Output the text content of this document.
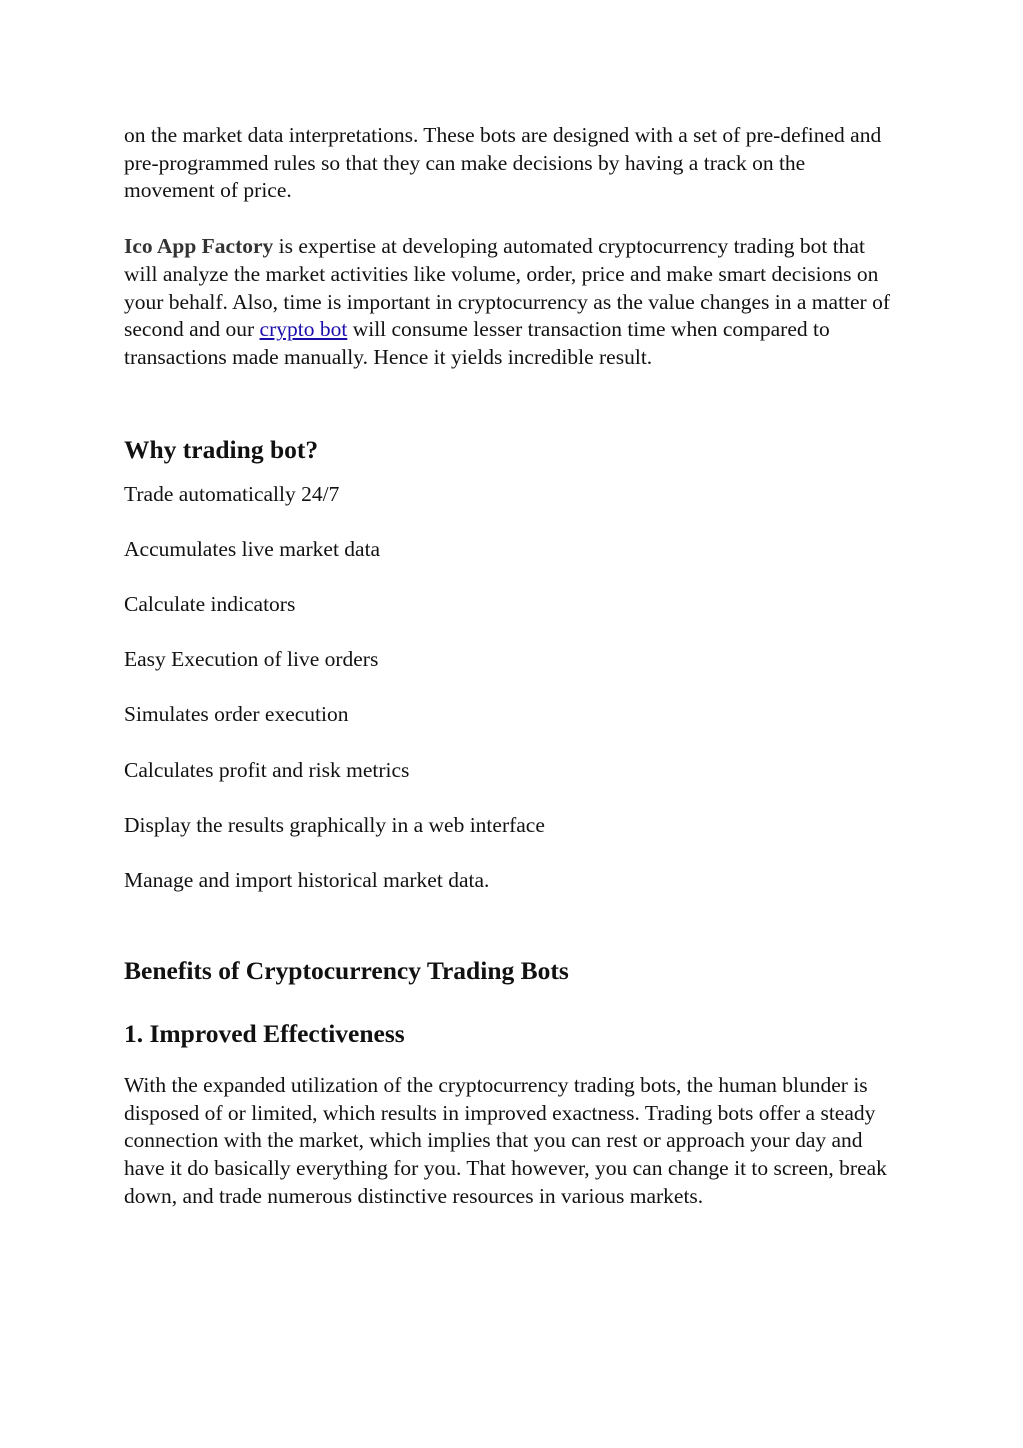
on the market data interpretations. These bots are designed with a set of pre-defined and pre-programmed rules so that they can make decisions by having a track on the movement of price.

Ico App Factory is expertise at developing automated cryptocurrency trading bot that will analyze the market activities like volume, order, price and make smart decisions on your behalf. Also, time is important in cryptocurrency as the value changes in a matter of second and our crypto bot will consume lesser transaction time when compared to transactions made manually. Hence it yields incredible result.

Why trading bot?

Trade automatically 24/7

Accumulates live market data

Calculate indicators

Easy Execution of live orders

Simulates order execution

Calculates profit and risk metrics

Display the results graphically in a web interface

Manage and import historical market data.

Benefits of Cryptocurrency Trading Bots
1. Improved Effectiveness

With the expanded utilization of the cryptocurrency trading bots, the human blunder is disposed of or limited, which results in improved exactness. Trading bots offer a steady connection with the market, which implies that you can rest or approach your day and have it do basically everything for you. That however, you can change it to screen, break down, and trade numerous distinctive resources in various markets.
